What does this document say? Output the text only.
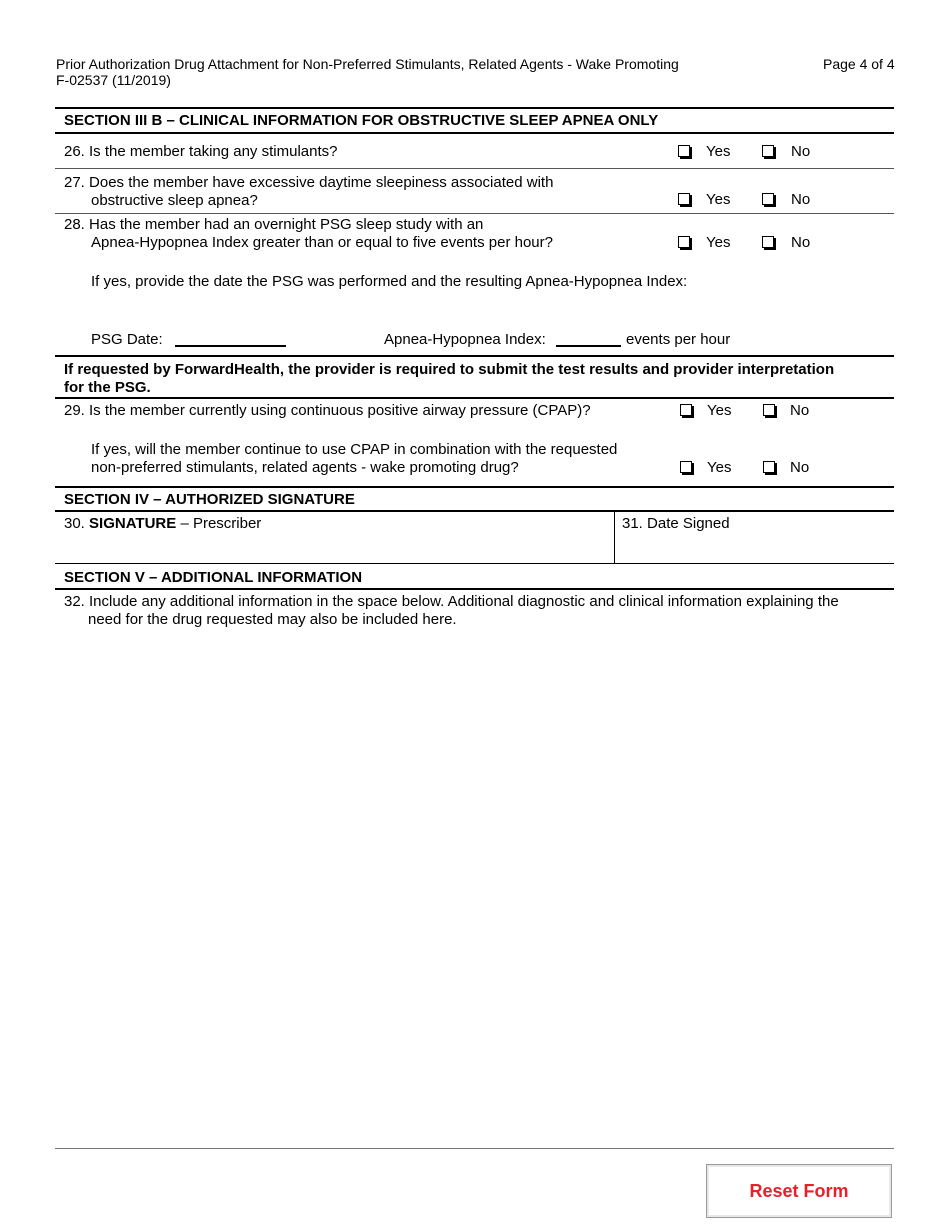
Prior Authorization Drug Attachment for Non-Preferred Stimulants, Related Agents - Wake Promoting
F-02537 (11/2019)
Page 4 of 4
SECTION III B – CLINICAL INFORMATION FOR OBSTRUCTIVE SLEEP APNEA ONLY
26. Is the member taking any stimulants?	Yes	No
27. Does the member have excessive daytime sleepiness associated with
obstructive sleep apnea?	Yes	No
28. Has the member had an overnight PSG sleep study with an
Apnea-Hypopnea Index greater than or equal to five events per hour?	Yes	No
If yes, provide the date the PSG was performed and the resulting Apnea-Hypopnea Index:
PSG Date:	Apnea-Hypopnea Index:	events per hour
If requested by ForwardHealth, the provider is required to submit the test results and provider interpretation
for the PSG.
29. Is the member currently using continuous positive airway pressure (CPAP)?	Yes	No
If yes, will the member continue to use CPAP in combination with the requested
non-preferred stimulants, related agents - wake promoting drug?	Yes	No
SECTION IV – AUTHORIZED SIGNATURE
30. SIGNATURE – Prescriber	31. Date Signed
SECTION V – ADDITIONAL INFORMATION
32. Include any additional information in the space below. Additional diagnostic and clinical information explaining the
need for the drug requested may also be included here.
Reset Form
